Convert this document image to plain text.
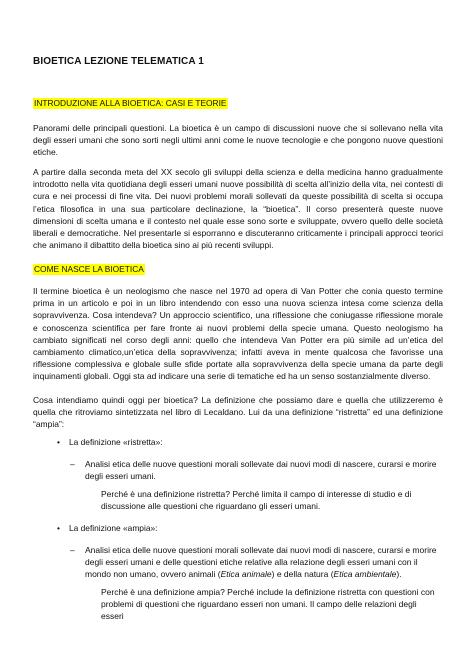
BIOETICA LEZIONE TELEMATICA 1
INTRODUZIONE ALLA BIOETICA: CASI E TEORIE

Panorami delle principali questioni. La bioetica è un campo di discussioni nuove che si sollevano nella vita degli esseri umani che sono sorti negli ultimi anni come le nuove tecnologie e che pongono nuove questioni etiche.

A partire dalla seconda meta del XX secolo gli sviluppi della scienza e della medicina hanno gradualmente introdotto nella vita quotidiana degli esseri umani nuove possibilità di scelta all’inizio della vita, nei contesti di cura e nei processi di fine vita. Dei nuovi problemi morali sollevati da queste possibilità di scelta si occupa l’etica filosofica in una sua particolare declinazione, la “bioetica”. Il corso presenterà queste nuove dimensioni di scelta umana e il contesto nel quale esse sono sorte e sviluppate, ovvero quello delle società liberali e democratiche. Nel presentarle si esporranno e discuteranno criticamente i principali approcci teorici che animano il dibattito della bioetica sino ai più recenti sviluppi.

COME NASCE LA BIOETICA

Il termine bioetica è un neologismo che nasce nel 1970 ad opera di Van Potter che conia questo termine prima in un articolo e poi in un libro intendendo con esso una nuova scienza intesa come scienza della sopravvivenza. Cosa intendeva? Un approccio scientifico, una riflessione che coniugasse riflessione morale e conoscenza scientifica per fare fronte ai nuovi problemi della specie umana. Questo neologismo ha cambiato significati nel corso degli anni: quello che intendeva Van Potter era più simile ad un’etica del cambiamento climatico,un’etica della sopravvivenza; infatti aveva in mente qualcosa che favorisse una riflessione complessiva e globale sulle sfide portate alla sopravvivenza della specie umana da parte degli inquinamenti globali. Oggi sta ad indicare una serie di tematiche ed ha un senso sostanzialmente diverso.

Cosa intendiamo quindi oggi per bioetica? La definizione che possiamo dare e quella che utilizzeremo è quella che ritroviamo sintetizzata nel libro di Lecaldano. Lui da una definizione “ristretta” ed una definizione “ampia”:

• La definizione «ristretta»:

– Analisi etica delle nuove questioni morali sollevate dai nuovi modi di nascere, curarsi e morire degli esseri umani.

Perché è una definizione ristretta? Perché limita il campo di interesse di studio e di discussione alle questioni che riguardano gli esseri umani.

• La definizione «ampia»:

– Analisi etica delle nuove questioni morali sollevate dai nuovi modi di nascere, curarsi e morire degli esseri umani e delle questioni etiche relative alla relazione degli esseri umani con il mondo non umano, ovvero animali (Etica animale) e della natura (Etica ambientale).

Perché è una definizione ampia? Perché include la definizione ristretta con questioni con problemi di questioni che riguardano esseri non umani. Il campo delle relazioni degli esseri
